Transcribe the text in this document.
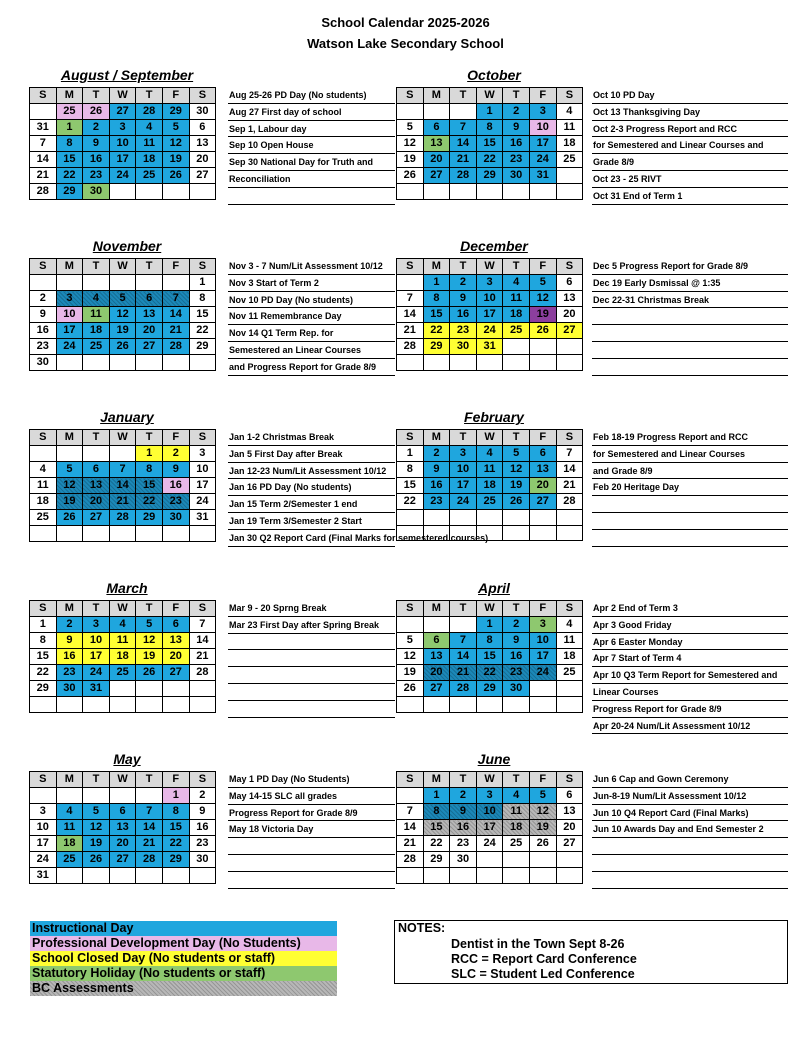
School Calendar 2025-2026
Watson Lake Secondary School
August / September
S	M	T	W	T	F	S
	25	26	27	28	29	30
31	1	2	3	4	5	6
7	8	9	10	11	12	13
14	15	16	17	18	19	20
21	22	23	24	25	26	27
28	29	30				
Aug 25-26 PD Day (No students)
Aug 27 First day of school
Sep 1, Labour day
Sep 10 Open House
Sep 30 National Day for Truth and
Reconciliation
October
S	M	T	W	T	F	S
			1	2	3	4
5	6	7	8	9	10	11
12	13	14	15	16	17	18
19	20	21	22	23	24	25
26	27	28	29	30	31	

Oct 10 PD Day
Oct 13 Thanksgiving Day
Oct 2-3 Progress Report and RCC
for Semestered and Linear Courses and
Grade 8/9
Oct 23 - 25 RIVT
Oct 31 End of Term 1
November
S	M	T	W	T	F	S
						1
2	3	4	5	6	7	8
9	10	11	12	13	14	15
16	17	18	19	20	21	22
23	24	25	26	27	28	29
30						
Nov 3 - 7 Num/Lit Assessment 10/12
Nov 3 Start of Term 2
Nov 10 PD Day (No students)
Nov 11 Remembrance Day
Nov 14 Q1 Term Rep. for
Semestered an Linear Courses
and Progress Report for Grade 8/9
December
S	M	T	W	T	F	S
	1	2	3	4	5	6
7	8	9	10	11	12	13
14	15	16	17	18	19	20
21	22	23	24	25	26	27
28	29	30	31			

Dec 5 Progress Report for Grade 8/9
Dec 19 Early Dsmissal @ 1:35
Dec 22-31 Christmas Break
January
S	M	T	W	T	F	S
				1	2	3
4	5	6	7	8	9	10
11	12	13	14	15	16	17
18	19	20	21	22	23	24
25	26	27	28	29	30	31

Jan 1-2 Christmas Break
Jan 5 First Day after Break
Jan 12-23 Num/Lit Assessment 10/12
Jan 16 PD Day (No students)
Jan 15 Term 2/Semester 1 end
Jan 19 Term 3/Semester 2 Start
Jan 30 Q2 Report Card (Final Marks for semestered courses)
February
S	M	T	W	T	F	S
1	2	3	4	5	6	7
8	9	10	11	12	13	14
15	16	17	18	19	20	21
22	23	24	25	26	27	28

Feb 18-19 Progress Report and RCC
for Semestered and Linear Courses
and Grade 8/9
Feb 20 Heritage Day
March
S	M	T	W	T	F	S
1	2	3	4	5	6	7
8	9	10	11	12	13	14
15	16	17	18	19	20	21
22	23	24	25	26	27	28
29	30	31				

Mar 9 - 20 Sprng Break
Mar 23 First Day after Spring Break
April
S	M	T	W	T	F	S
			1	2	3	4
5	6	7	8	9	10	11
12	13	14	15	16	17	18
19	20	21	22	23	24	25
26	27	28	29	30		

Apr 2 End of Term 3
Apr 3 Good Friday
Apr 6 Easter Monday
Apr 7 Start of Term 4
Apr 10 Q3 Term Report for Semestered and
Linear Courses
Progress Report for Grade 8/9
Apr 20-24 Num/Lit Assessment 10/12
May
S	M	T	W	T	F	S
					1	2
3	4	5	6	7	8	9
10	11	12	13	14	15	16
17	18	19	20	21	22	23
24	25	26	27	28	29	30
31						
May 1 PD Day (No Students)
May 14-15 SLC all grades
Progress Report for Grade 8/9
May 18 Victoria Day
June
S	M	T	W	T	F	S
	1	2	3	4	5	6
7	8	9	10	11	12	13
14	15	16	17	18	19	20
21	22	23	24	25	26	27
28	29	30				

Jun 6 Cap and Gown Ceremony
Jun-8-19 Num/Lit Assessment 10/12
Jun 10 Q4 Report Card (Final Marks)
Jun 10 Awards Day and End Semester 2
Instructional Day
Professional Development Day (No Students)
School Closed Day (No students or staff)
Statutory Holiday (No students or staff)
BC Assessments
NOTES:
Dentist in the Town Sept 8-26
RCC = Report Card Conference
SLC = Student Led Conference
